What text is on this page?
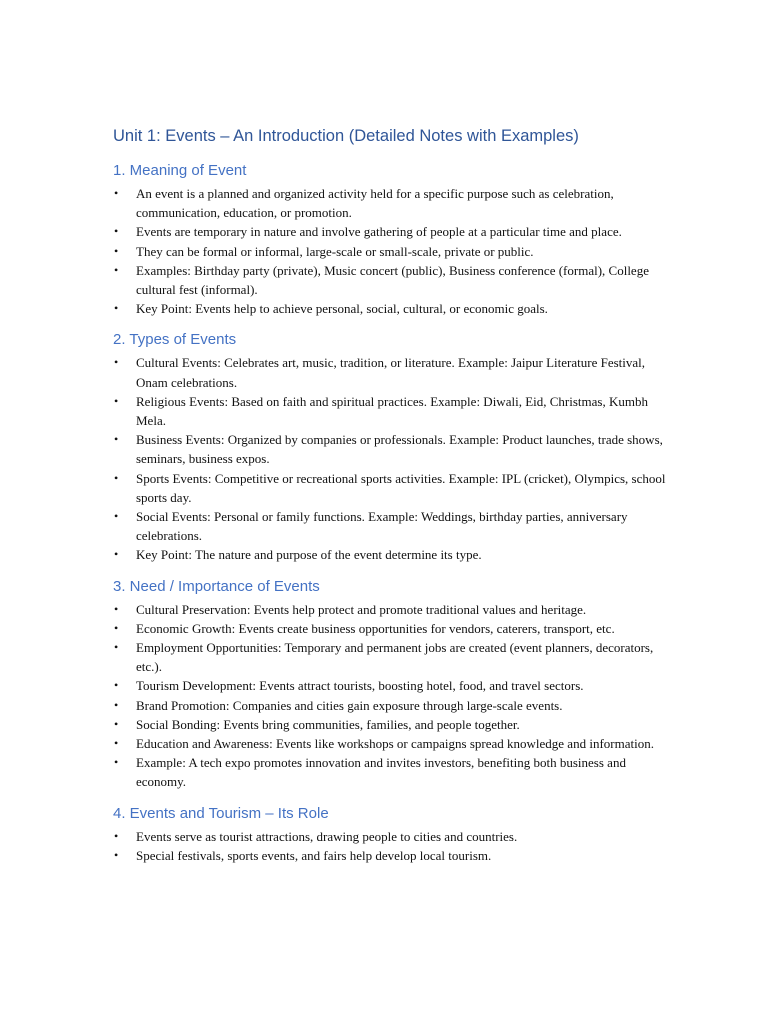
Unit 1: Events – An Introduction (Detailed Notes with Examples)
1. Meaning of Event
• An event is a planned and organized activity held for a specific purpose such as celebration, communication, education, or promotion.
• Events are temporary in nature and involve gathering of people at a particular time and place.
• They can be formal or informal, large-scale or small-scale, private or public.
• Examples: Birthday party (private), Music concert (public), Business conference (formal), College cultural fest (informal).
• Key Point: Events help to achieve personal, social, cultural, or economic goals.
2. Types of Events
• Cultural Events: Celebrates art, music, tradition, or literature. Example: Jaipur Literature Festival, Onam celebrations.
• Religious Events: Based on faith and spiritual practices. Example: Diwali, Eid, Christmas, Kumbh Mela.
• Business Events: Organized by companies or professionals. Example: Product launches, trade shows, seminars, business expos.
• Sports Events: Competitive or recreational sports activities. Example: IPL (cricket), Olympics, school sports day.
• Social Events: Personal or family functions. Example: Weddings, birthday parties, anniversary celebrations.
• Key Point: The nature and purpose of the event determine its type.
3. Need / Importance of Events
• Cultural Preservation: Events help protect and promote traditional values and heritage.
• Economic Growth: Events create business opportunities for vendors, caterers, transport, etc.
• Employment Opportunities: Temporary and permanent jobs are created (event planners, decorators, etc.).
• Tourism Development: Events attract tourists, boosting hotel, food, and travel sectors.
• Brand Promotion: Companies and cities gain exposure through large-scale events.
• Social Bonding: Events bring communities, families, and people together.
• Education and Awareness: Events like workshops or campaigns spread knowledge and information.
• Example: A tech expo promotes innovation and invites investors, benefiting both business and economy.
4. Events and Tourism – Its Role
• Events serve as tourist attractions, drawing people to cities and countries.
• Special festivals, sports events, and fairs help develop local tourism.
